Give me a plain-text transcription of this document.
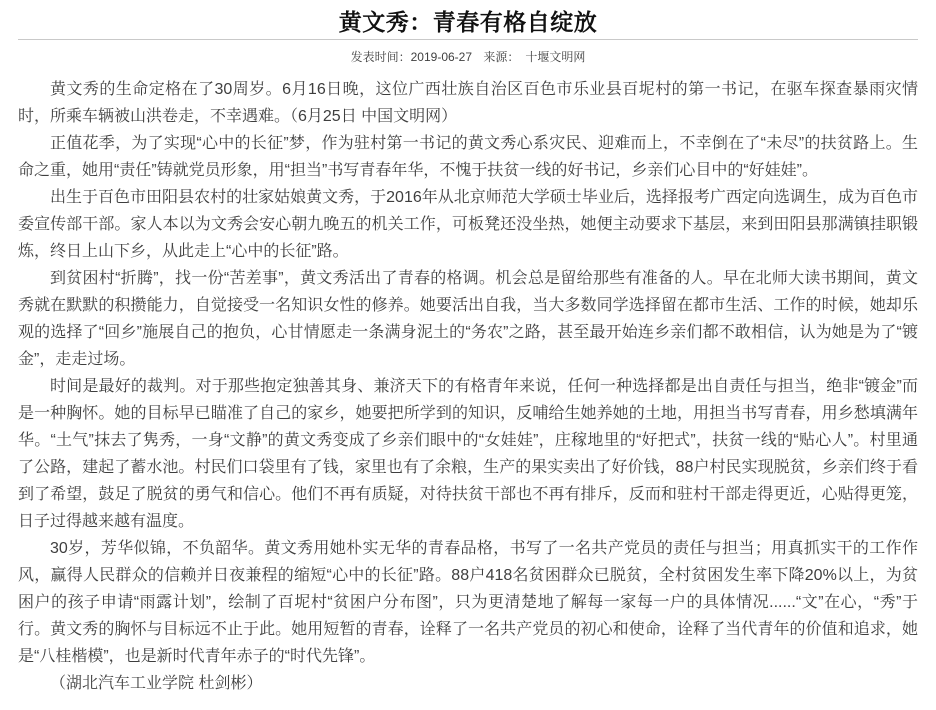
黄文秀：青春有格自绽放
发表时间：2019-06-27 来源： 十堰文明网

黄文秀的生命定格在了30周岁。6月16日晚，这位广西壮族自治区百色市乐业县百坭村的第一书记，在驱车探查暴雨灾情时，所乘车辆被山洪卷走，不幸遇难。（6月25日 中国文明网）

正值花季，为了实现“心中的长征”梦，作为驻村第一书记的黄文秀心系灾民、迎难而上，不幸倒在了“未尽”的扶贫路上。生命之重，她用“责任”铸就党员形象，用“担当”书写青春年华，不愧于扶贫一线的好书记，乡亲们心目中的“好娃娃”。

出生于百色市田阳县农村的壮家姑娘黄文秀，于2016年从北京师范大学硕士毕业后，选择报考广西定向选调生，成为百色市委宣传部干部。家人本以为文秀会安心朝九晚五的机关工作，可板凳还没坐热，她便主动要求下基层，来到田阳县那满镇挂职锻炼，终日上山下乡，从此走上“心中的长征”路。

到贫困村“折腾”，找一份“苦差事”，黄文秀活出了青春的格调。机会总是留给那些有准备的人。早在北师大读书期间，黄文秀就在默默的积攒能力，自觉接受一名知识女性的修养。她要活出自我，当大多数同学选择留在都市生活、工作的时候，她却乐观的选择了“回乡”施展自己的抱负，心甘情愿走一条满身泥土的“务农”之路，甚至最开始连乡亲们都不敢相信，认为她是为了“镀金”，走走过场。

时间是最好的裁判。对于那些抱定独善其身、兼济天下的有格青年来说，任何一种选择都是出自责任与担当，绝非“镀金”而是一种胸怀。她的目标早已瞄准了自己的家乡，她要把所学到的知识，反哺给生她养她的土地，用担当书写青春，用乡愁填满年华。“土气”抹去了隽秀，一身“文静”的黄文秀变成了乡亲们眼中的“女娃娃”，庄稼地里的“好把式”，扶贫一线的“贴心人”。村里通了公路，建起了蓄水池。村民们口袋里有了钱，家里也有了余粮，生产的果实卖出了好价钱，88户村民实现脱贫，乡亲们终于看到了希望，鼓足了脱贫的勇气和信心。他们不再有质疑，对待扶贫干部也不再有排斥，反而和驻村干部走得更近，心贴得更笼，日子过得越来越有温度。

30岁，芳华似锦，不负韶华。黄文秀用她朴实无华的青春品格，书写了一名共产党员的责任与担当；用真抓实干的工作作风，赢得人民群众的信赖并日夜兼程的缩短“心中的长征”路。88户418名贫困群众已脱贫，全村贫困发生率下降20%以上，为贫困户的孩子申请“雨露计划”，绘制了百坭村“贫困户分布图”，只为更清楚地了解每一家每一户的具体情况......“文”在心，“秀”于行。黄文秀的胸怀与目标远不止于此。她用短暂的青春，诠释了一名共产党员的初心和使命，诠释了当代青年的价值和追求，她是“八桂楷模”，也是新时代青年赤子的“时代先锋”。

（湖北汽车工业学院 杜剑彬）
